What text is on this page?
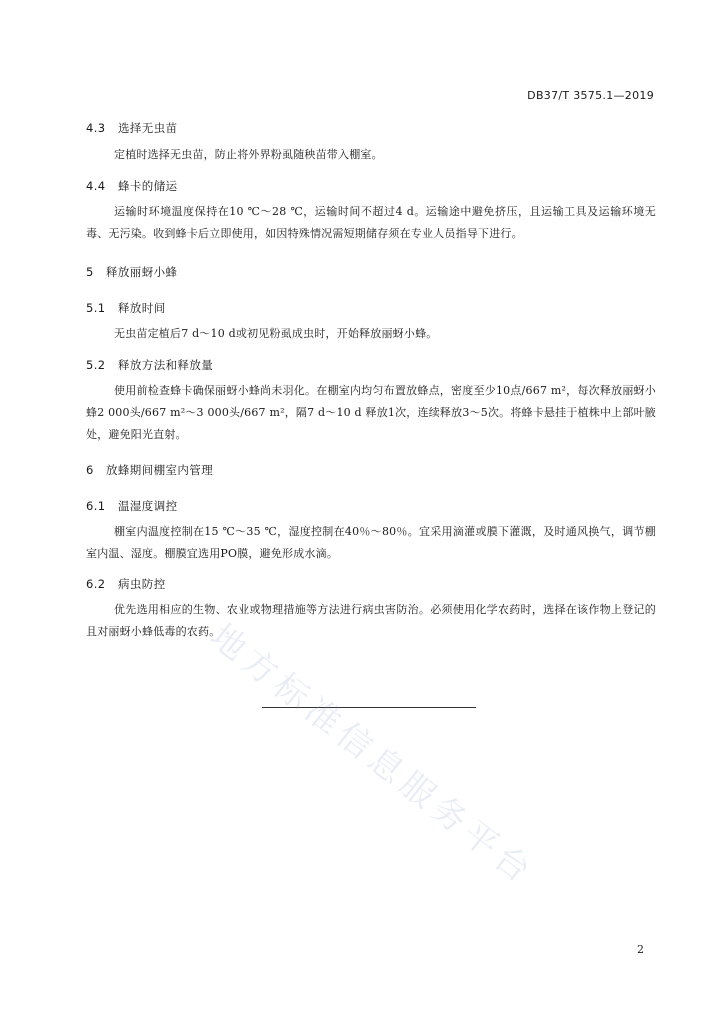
DB37/T 3575.1—2019
4.3 选择无虫苗
定植时选择无虫苗，防止将外界粉虱随秧苗带入棚室。
4.4 蜂卡的储运
运输时环境温度保持在10 ℃～28 ℃，运输时间不超过4 d。运输途中避免挤压，且运输工具及运输环境无毒、无污染。收到蜂卡后立即使用，如因特殊情况需短期储存须在专业人员指导下进行。
5 释放丽蚜小蜂
5.1 释放时间
无虫苗定植后7 d～10 d或初见粉虱成虫时，开始释放丽蚜小蜂。
5.2 释放方法和释放量
使用前检查蜂卡确保丽蚜小蜂尚未羽化。在棚室内均匀布置放蜂点，密度至少10点/667 m²，每次释放丽蚜小蜂2 000头/667 m²～3 000头/667 m²，隔7 d～10 d 释放1次，连续释放3～5次。将蜂卡悬挂于植株中上部叶腋处，避免阳光直射。
6 放蜂期间棚室内管理
6.1 温湿度调控
棚室内温度控制在15 ℃～35 ℃，湿度控制在40％～80％。宜采用滴灌或膜下灌溉，及时通风换气，调节棚室内温、湿度。棚膜宜选用PO膜，避免形成水滴。
6.2 病虫防控
优先选用相应的生物、农业或物理措施等方法进行病虫害防治。必须使用化学农药时，选择在该作物上登记的且对丽蚜小蜂低毒的农药。
地方标准信息服务平台
2
